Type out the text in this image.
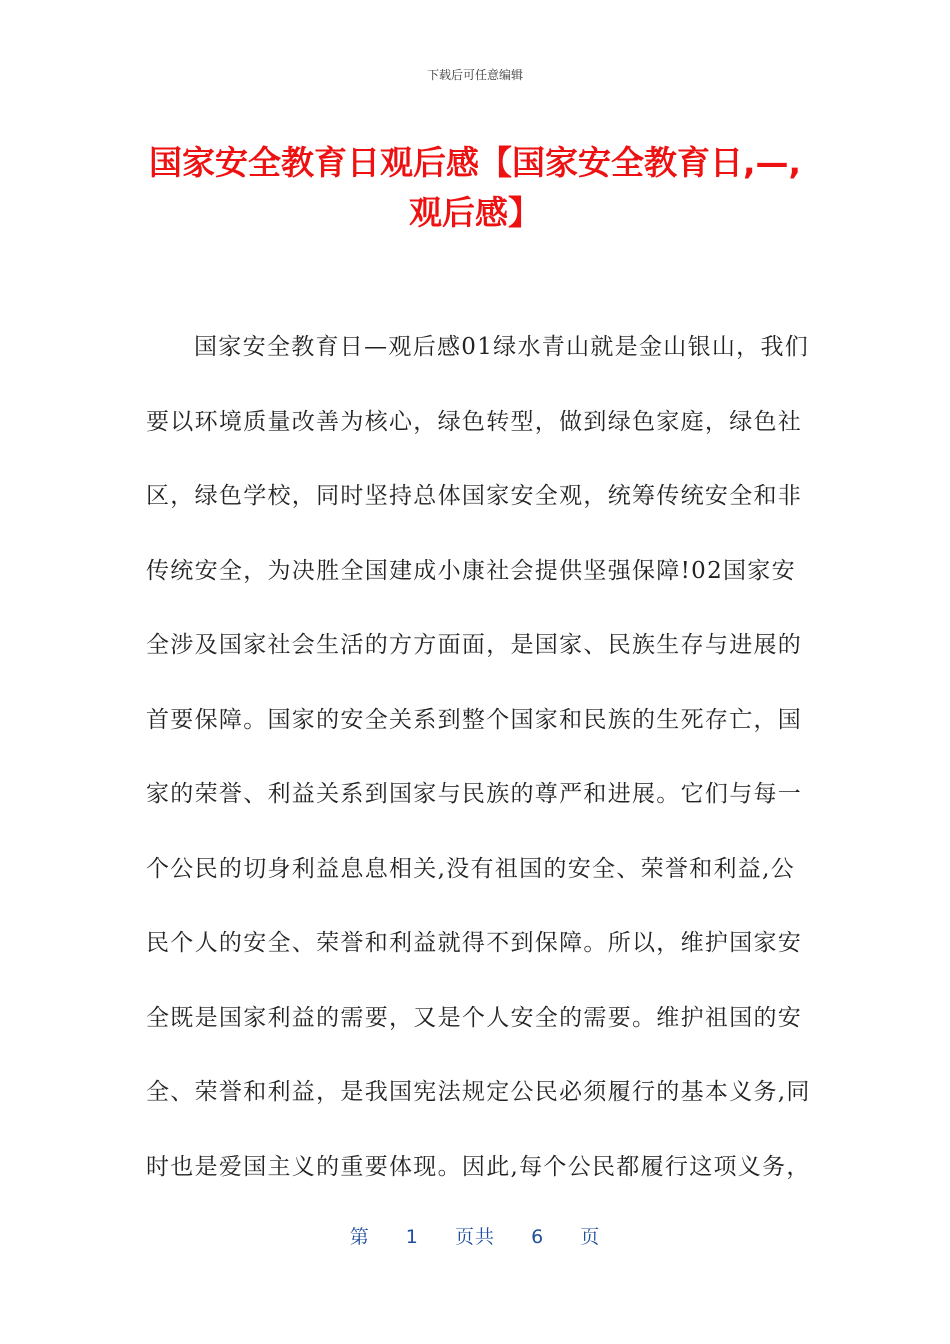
下载后可任意编辑
国家安全教育日观后感【国家安全教育日,—,
观后感】
国家安全教育日—观后感01绿水青山就是金山银山，我们
要以环境质量改善为核心，绿色转型，做到绿色家庭，绿色社
区，绿色学校，同时坚持总体国家安全观，统筹传统安全和非
传统安全，为决胜全国建成小康社会提供坚强保障!02国家安
全涉及国家社会生活的方方面面，是国家、民族生存与进展的
首要保障。国家的安全关系到整个国家和民族的生死存亡，国
家的荣誉、利益关系到国家与民族的尊严和进展。它们与每一
个公民的切身利益息息相关,没有祖国的安全、荣誉和利益,公
民个人的安全、荣誉和利益就得不到保障。所以，维护国家安
全既是国家利益的需要，又是个人安全的需要。维护祖国的安
全、荣誉和利益，是我国宪法规定公民必须履行的基本义务,同
时也是爱国主义的重要体现。因此,每个公民都履行这项义务，
第 1 页共 6 页
